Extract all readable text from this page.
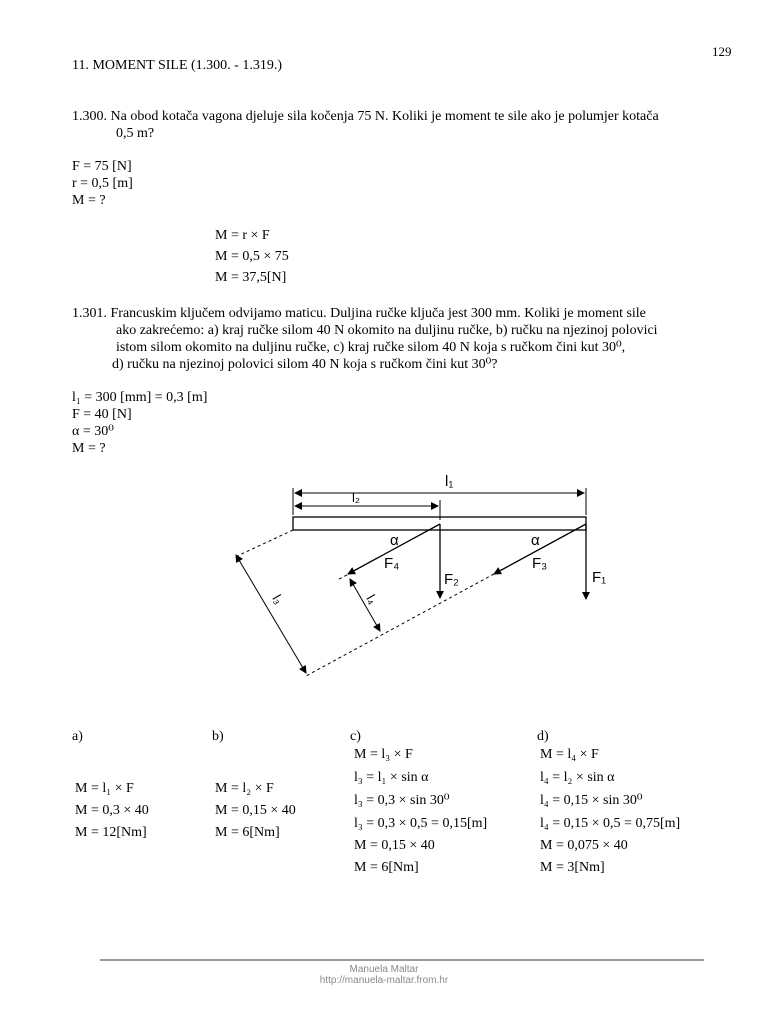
129
11. MOMENT SILE (1.300. - 1.319.)
1.300. Na obod kotača vagona djeluje sila kočenja 75 N. Koliki je moment te sile ako je polumjer kotača
0,5 m?
F = 75 [N]
r = 0,5 [m]
M = ?
M = r × F
M = 0,5 × 75
M = 37,5[N]
1.301. Francuskim ključem odvijamo maticu. Duljina ručke ključa jest 300 mm. Koliki je moment sile
ako zakrećemo: a) kraj ručke silom 40 N okomito na duljinu ručke, b) ručku na njezinoj polovici
istom silom okomito na duljinu ručke, c) kraj ručke silom 40 N koja s ručkom čini kut 30⁰,
d) ručku na njezinoj polovici silom 40 N koja s ručkom čini kut 30⁰?
l₁ = 300 [mm] = 0,3 [m]
F = 40 [N]
α = 30⁰
M = ?
l₁
l₂
α	α
F₄
F₂
F₃
F₁
l₄
l₃
a)
M = l₁ × F
M = 0,3 × 40
M = 12[Nm]
b)
M = l₂ × F
M = 0,15 × 40
M = 6[Nm]
c)
M = l₃ × F
l₃ = l₁ × sin α
l₃ = 0,3 × sin 30⁰
l₃ = 0,3 × 0,5 = 0,15[m]
M = 0,15 × 40
M = 6[Nm]
d)
M = l₄ × F
l₄ = l₂ × sin α
l₄ = 0,15 × sin 30⁰
l₄ = 0,15 × 0,5 = 0,75[m]
M = 0,075 × 40
M = 3[Nm]
Manuela Maltar
http://manuela-maltar.from.hr
